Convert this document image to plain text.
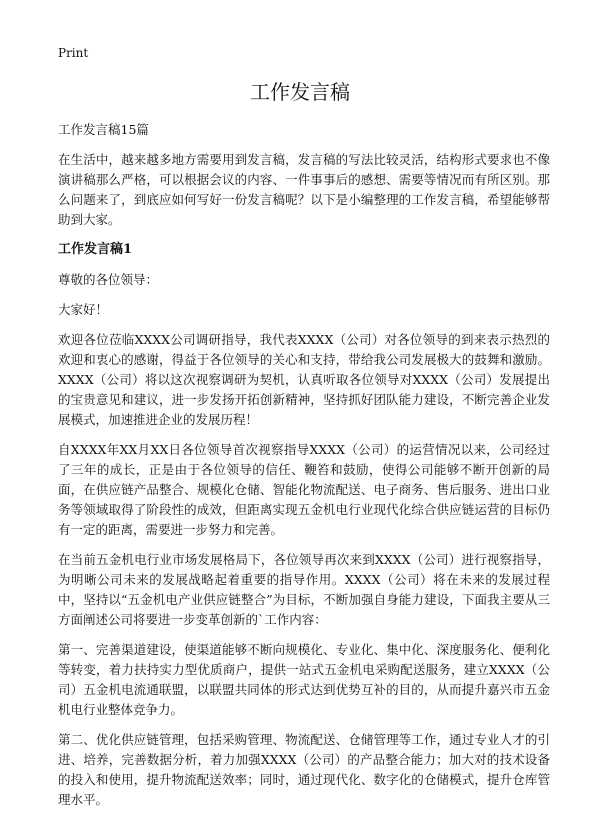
Print
工作发言稿

工作发言稿15篇

在生活中，越来越多地方需要用到发言稿，发言稿的写法比较灵活，结构形式要求也不像演讲稿那么严格，可以根据会议的内容、一件事事后的感想、需要等情况而有所区别。那么问题来了，到底应如何写好一份发言稿呢？以下是小编整理的工作发言稿，希望能够帮助到大家。

工作发言稿1

尊敬的各位领导：

大家好！

欢迎各位莅临XXXX公司调研指导，我代表XXXX（公司）对各位领导的到来表示热烈的欢迎和衷心的感谢，得益于各位领导的关心和支持，带给我公司发展极大的鼓舞和激励。XXXX（公司）将以这次视察调研为契机，认真听取各位领导对XXXX（公司）发展提出的宝贵意见和建议，进一步发扬开拓创新精神，坚持抓好团队能力建设，不断完善企业发展模式，加速推进企业的发展历程！

自XXXX年XX月XX日各位领导首次视察指导XXXX（公司）的运营情况以来，公司经过了三年的成长，正是由于各位领导的信任、鞭笞和鼓励，使得公司能够不断开创新的局面，在供应链产品整合、规模化仓储、智能化物流配送、电子商务、售后服务、进出口业务等领域取得了阶段性的成效，但距离实现五金机电行业现代化综合供应链运营的目标仍有一定的距离，需要进一步努力和完善。

在当前五金机电行业市场发展格局下，各位领导再次来到XXXX（公司）进行视察指导，为明晰公司未来的发展战略起着重要的指导作用。XXXX（公司）将在未来的发展过程中，坚持以“五金机电产业供应链整合”为目标，不断加强自身能力建设，下面我主要从三方面阐述公司将要进一步变革创新的`工作内容：

第一、完善渠道建设，使渠道能够不断向规模化、专业化、集中化、深度服务化、便利化等转变，着力扶持实力型优质商户，提供一站式五金机电采购配送服务，建立XXXX（公司）五金机电流通联盟，以联盟共同体的形式达到优势互补的目的，从而提升嘉兴市五金机电行业整体竞争力。

第二、优化供应链管理，包括采购管理、物流配送、仓储管理等工作，通过专业人才的引进、培养，完善数据分析，着力加强XXXX（公司）的产品整合能力；加大对的技术设备的投入和使用，提升物流配送效率；同时，通过现代化、数字化的仓储模式，提升仓库管理水平。
